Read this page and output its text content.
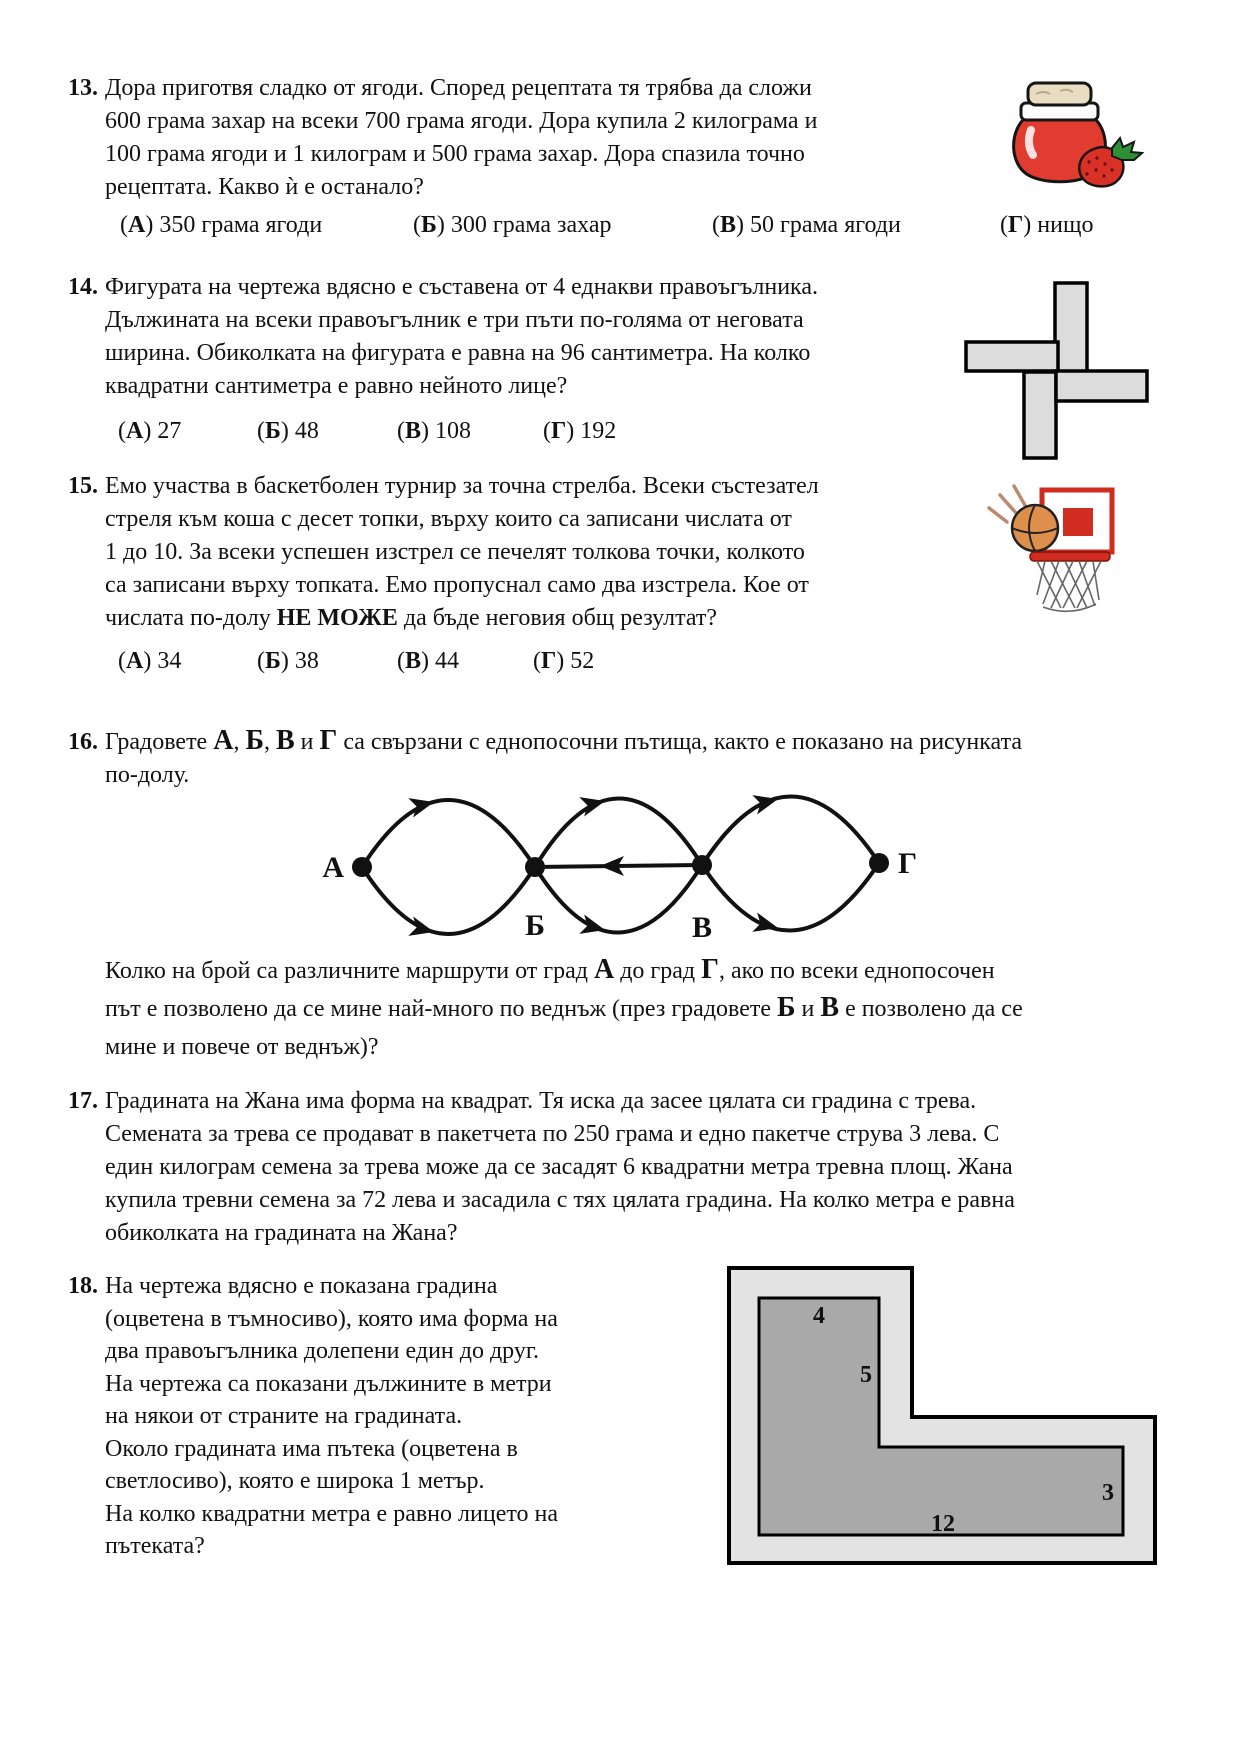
13. Дора приготвя сладко от ягоди. Според рецептата тя трябва да сложи
600 грама захар на всеки 700 грама ягоди. Дора купила 2 килограма и
100 грама ягоди и 1 килограм и 500 грама захар. Дора спазила точно
рецептата. Какво ѝ е останало?
(А) 350 грама ягоди	(Б) 300 грама захар	(В) 50 грама ягоди	(Г) нищо
14. Фигурата на чертежа вдясно е съставена от 4 еднакви правоъгълника.
Дължината на всеки правоъгълник е три пъти по-голяма от неговата
ширина. Обиколката на фигурата е равна на 96 сантиметра. На колко
квадратни сантиметра е равно нейното лице?
(А) 27	(Б) 48	(В) 108	(Г) 192
15. Емо участва в баскетболен турнир за точна стрелба. Всеки състезател
стреля към коша с десет топки, върху които са записани числата от
1 до 10. За всеки успешен изстрел се печелят толкова точки, колкото
са записани върху топката. Емо пропуснал само два изстрела. Кое от
числата по-долу НЕ МОЖЕ да бъде неговия общ резултат?
(А) 34	(Б) 38	(В) 44	(Г) 52
16. Градовете А, Б, В и Г са свързани с еднопосочни пътища, както е показано на рисунката
по-долу.
Колко на брой са различните маршрути от град А до град Г, ако по всеки еднопосочен
път е позволено да се мине най-много по веднъж (през градовете Б и В е позволено да се
мине и повече от веднъж)?
17. Градината на Жана има форма на квадрат. Тя иска да засее цялата си градина с трева.
Семената за трева се продават в пакетчета по 250 грама и едно пакетче струва 3 лева. С
един килограм семена за трева може да се засадят 6 квадратни метра тревна площ. Жана
купила тревни семена за 72 лева и засадила с тях цялата градина. На колко метра е равна
обиколката на градината на Жана?
18. На чертежа вдясно е показана градина
(оцветена в тъмносиво), която има форма на
два правоъгълника долепени един до друг.
На чертежа са показани дължините в метри
на някои от страните на градината.
Около градината има пътека (оцветена в
светлосиво), която е широка 1 метър.
На колко квадратни метра е равно лицето на
пътеката?
А
Б	В
Г
4
5
3
12
